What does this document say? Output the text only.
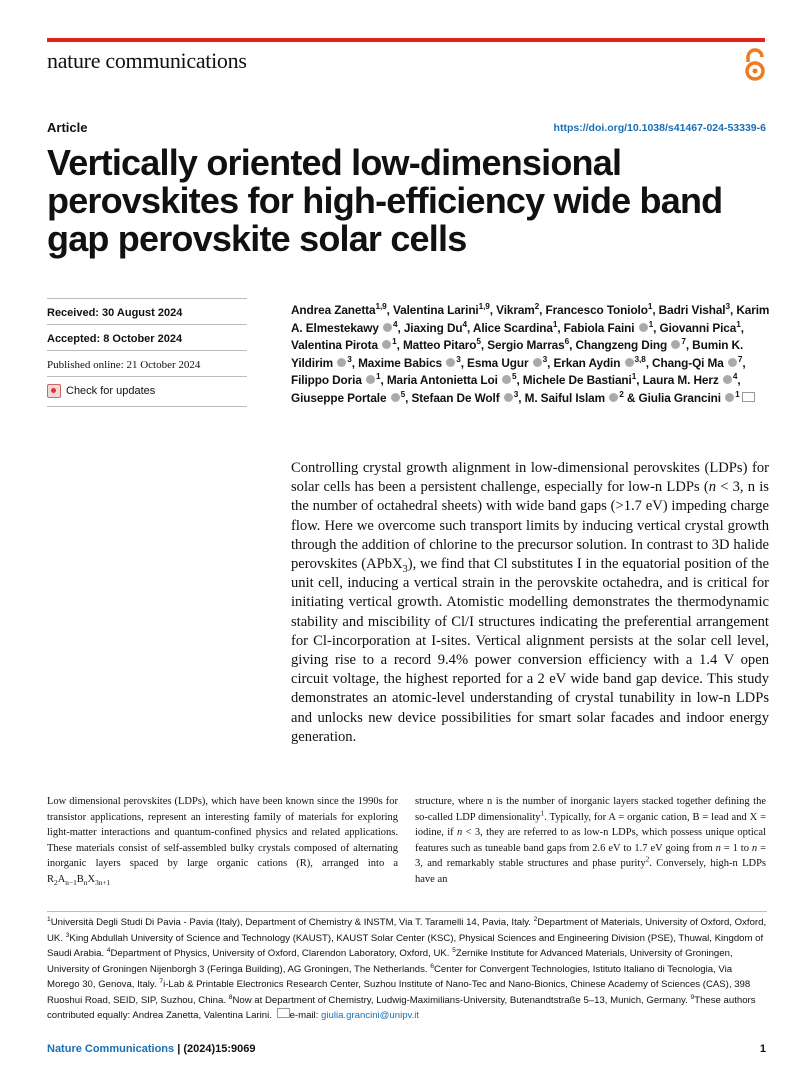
nature communications
Article	https://doi.org/10.1038/s41467-024-53339-6
Vertically oriented low-dimensional perovskites for high-efficiency wide band gap perovskite solar cells
Received: 30 August 2024
Accepted: 8 October 2024
Published online: 21 October 2024
Check for updates
Andrea Zanetta$^{1,9}$, Valentina Larini$^{1,9}$, Vikram$^2$, Francesco Toniolo$^1$, Badri Vishal$^3$, Karim A. Elmestekawy $^4$, Jiaxing Du$^4$, Alice Scardina$^1$, Fabiola Faini $^1$, Giovanni Pica$^1$, Valentina Pirota $^1$, Matteo Pitaro$^5$, Sergio Marras$^6$, Changzeng Ding $^7$, Bumin K. Yildirim $^3$, Maxime Babics $^3$, Esma Ugur $^3$, Erkan Aydin $^{3,8}$, Chang-Qi Ma $^7$, Filippo Doria $^1$, Maria Antonietta Loi $^5$, Michele De Bastiani$^1$, Laura M. Herz $^4$, Giuseppe Portale $^5$, Stefaan De Wolf $^3$, M. Saiful Islam $^2$ & Giulia Grancini $^1$
Controlling crystal growth alignment in low-dimensional perovskites (LDPs) for solar cells has been a persistent challenge, especially for low-n LDPs (n < 3, n is the number of octahedral sheets) with wide band gaps (>1.7 eV) impeding charge flow. Here we overcome such transport limits by inducing vertical crystal growth through the addition of chlorine to the precursor solution. In contrast to 3D halide perovskites (APbX$_3$), we find that Cl substitutes I in the equatorial position of the unit cell, inducing a vertical strain in the perovskite octahedra, and is critical for initiating vertical growth. Atomistic modelling demonstrates the thermodynamic stability and miscibility of Cl/I structures indicating the preferential arrangement for Cl-incorporation at I-sites. Vertical alignment persists at the solar cell level, giving rise to a record 9.4% power conversion efficiency with a 1.4 V open circuit voltage, the highest reported for a 2 eV wide band gap device. This study demonstrates an atomic-level understanding of crystal tunability in low-n LDPs and unlocks new device possibilities for smart solar facades and indoor energy generation.
Low dimensional perovskites (LDPs), which have been known since the 1990s for transistor applications, represent an interesting family of materials for exploring light-matter interactions and quantum-confined physics and related applications. These materials consist of self-assembled bulky crystals composed of alternating inorganic layers spaced by large organic cations (R), arranged into a $R_2A_{n-1}B_nX_{3n+1}$
structure, where n is the number of inorganic layers stacked together defining the so-called LDP dimensionality$^1$. Typically, for A = organic cation, B = lead and X = iodine, if n < 3, they are referred to as low-n LDPs, which possess unique optical features such as tuneable band gaps from 2.6 eV to 1.7 eV going from n = 1 to n = 3, and remarkably stable structures and phase purity$^2$. Conversely, high-n LDPs have an
$^1$Università Degli Studi Di Pavia - Pavia (Italy), Department of Chemistry & INSTM, Via T. Taramelli 14, Pavia, Italy. $^2$Department of Materials, University of Oxford, Oxford, UK. $^3$King Abdullah University of Science and Technology (KAUST), KAUST Solar Center (KSC), Physical Sciences and Engineering Division (PSE), Thuwal, Kingdom of Saudi Arabia. $^4$Department of Physics, University of Oxford, Clarendon Laboratory, Oxford, UK. $^5$Zernike Institute for Advanced Materials, University of Groningen, University of Groningen Nijenborgh 3 (Feringa Building), AG Groningen, The Netherlands. $^6$Center for Convergent Technologies, Istituto Italiano di Tecnologia, Via Morego 30, Genova, Italy. $^7$i-Lab & Printable Electronics Research Center, Suzhou Institute of Nano-Tec and Nano-Bionics, Chinese Academy of Sciences (CAS), 398 Ruoshui Road, SEID, SIP, Suzhou, China. $^8$Now at Department of Chemistry, Ludwig-Maximilians-University, Butenandtstraße 5–13, Munich, Germany. $^9$These authors contributed equally: Andrea Zanetta, Valentina Larini. e-mail: giulia.grancini@unipv.it
Nature Communications | (2024)15:9069	1
